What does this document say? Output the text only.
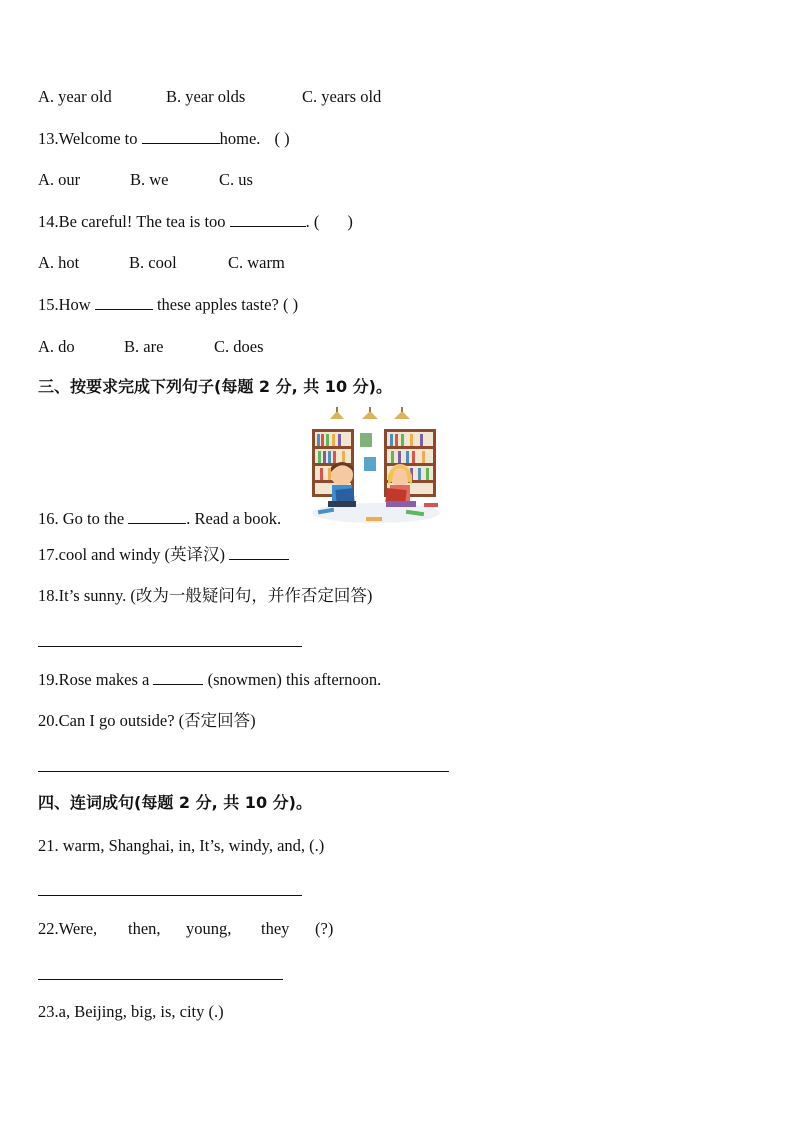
A. year old	B. year olds	C. years old
13.Welcome to	home. ( )
A. our	B. we	C. us
14.Be careful! The tea is too	. ( )
A. hot	B. cool	C. warm
15.How	these apples taste? ( )
A. do	B. are	C. does
三、按要求完成下列句子(每题 2 分, 共 10 分)。
16. Go to the	. Read a book.
17.cool and windy (英译汉)
18.It’s sunny. (改为一般疑问句，并作否定回答)
19.Rose makes a	(snowmen) this afternoon.
20.Can I go outside? (否定回答)
四、连词成句(每题 2 分, 共 10 分)。
21. warm, Shanghai, in, It’s, windy, and, (.)
22.Were, then, young, they (?)
23.a, Beijing, big, is, city (.)
